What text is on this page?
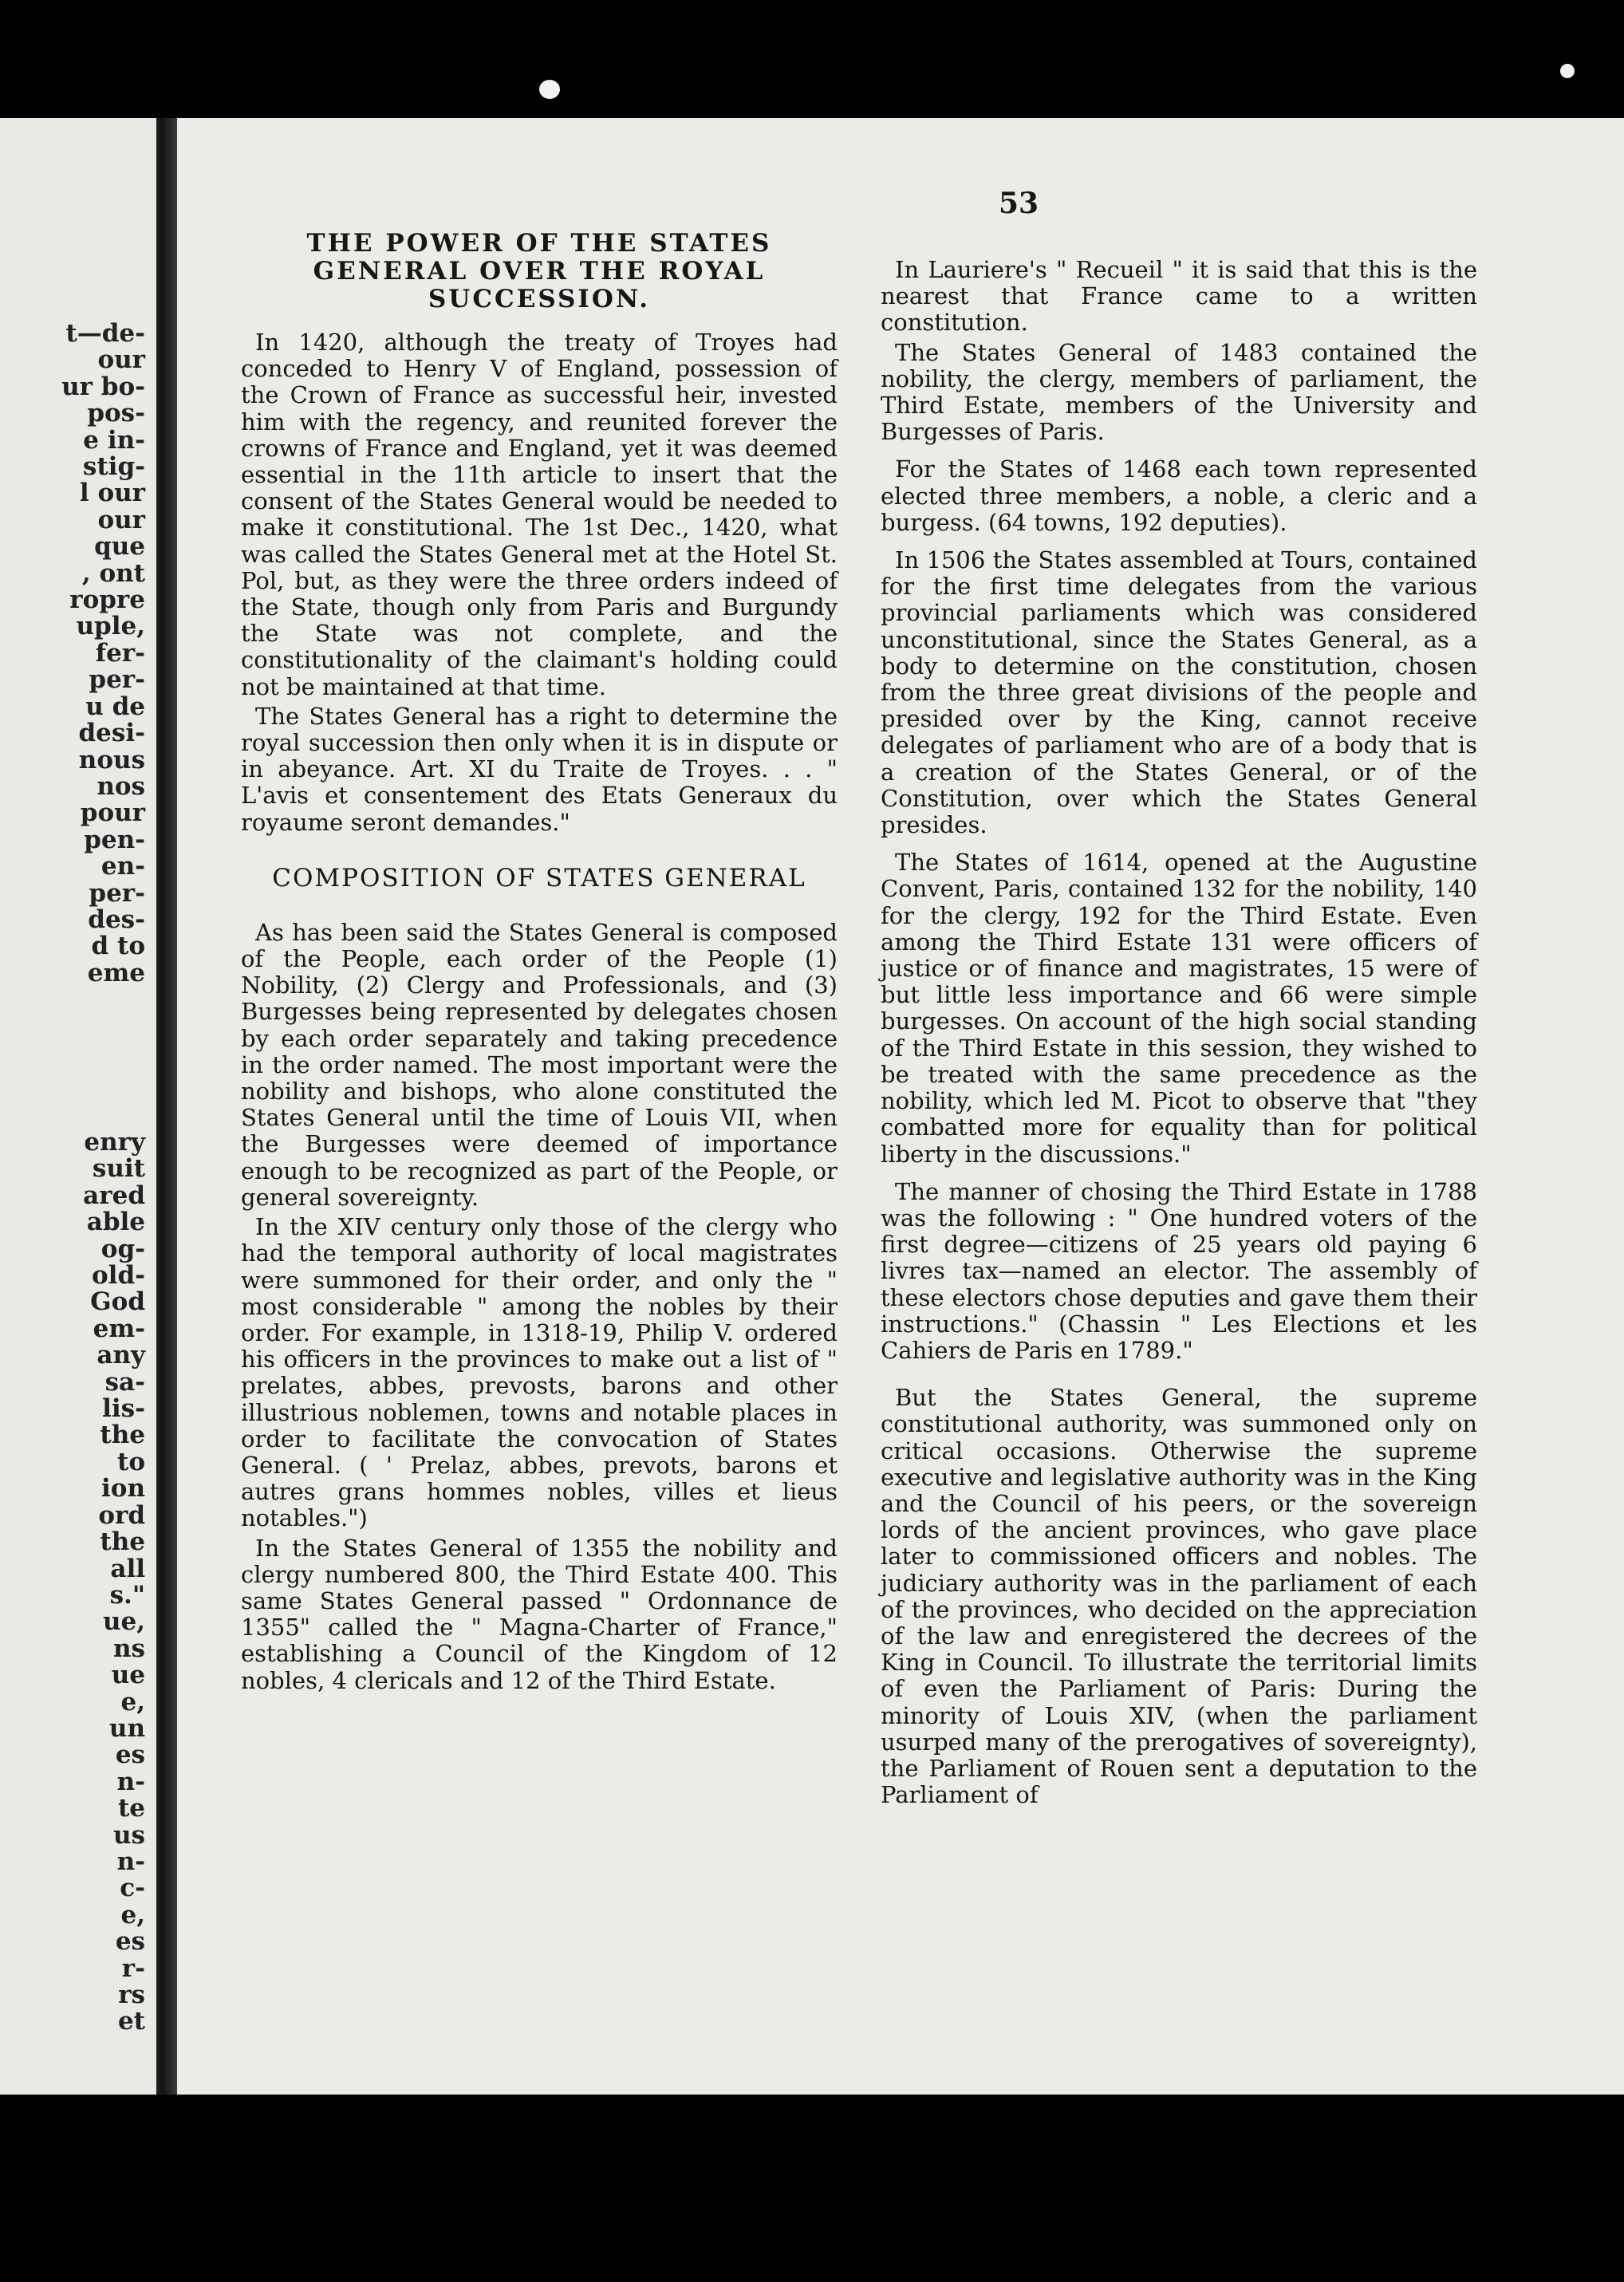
t—de-
our
ur bo-
pos-
e in-
stig-
l our
our
que
, ont
ropre
uple,
fer-
per-
u de
desi-
nous
nos
pour
pen-
en-
per-
des-
d to
eme
enry
suit
ared
able
og-
old-
God
em-
any
sa-
lis-
the
to
ion
ord
the
all
s."
ue,
ns
ue
e,
un
es
n-
te
us
n-
c-
e,
es
r-
rs
et
53
THE POWER OF THE STATES GENERAL OVER THE ROYAL SUCCESSION.

In 1420, although the treaty of Troyes had conceded to Henry V of England, possession of the Crown of France as successful heir, invested him with the regency, and reunited forever the crowns of France and England, yet it was deemed essential in the 11th article to insert that the consent of the States General would be needed to make it constitutional. The 1st Dec., 1420, what was called the States General met at the Hotel St. Pol, but, as they were the three orders indeed of the State, though only from Paris and Burgundy the State was not complete, and the constitutionality of the claimant's holding could not be maintained at that time.

The States General has a right to determine the royal succession then only when it is in dispute or in abeyance. Art. XI du Traite de Troyes. . . " L'avis et consentement des Etats Generaux du royaume seront demandes."

COMPOSITION OF STATES GENERAL

As has been said the States General is composed of the People, each order of the People (1) Nobility, (2) Clergy and Professionals, and (3) Burgesses being represented by delegates chosen by each order separately and taking precedence in the order named. The most important were the nobility and bishops, who alone constituted the States General until the time of Louis VII, when the Burgesses were deemed of importance enough to be recognized as part of the People, or general sovereignty.

In the XIV century only those of the clergy who had the temporal authority of local magistrates were summoned for their order, and only the " most considerable " among the nobles by their order. For example, in 1318-19, Philip V. ordered his officers in the provinces to make out a list of " prelates, abbes, prevosts, barons and other illustrious noblemen, towns and notable places in order to facilitate the convocation of States General. ( ' Prelaz, abbes, prevots, barons et autres grans hommes nobles, villes et lieus notables.")

In the States General of 1355 the nobility and clergy numbered 800, the Third Estate 400. This same States General passed " Ordonnance de 1355" called the " Magna-Charter of France," establishing a Council of the Kingdom of 12 nobles, 4 clericals and 12 of the Third Estate.

In Lauriere's " Recueil " it is said that this is the nearest that France came to a written constitution.

The States General of 1483 contained the nobility, the clergy, members of parliament, the Third Estate, members of the University and Burgesses of Paris.

For the States of 1468 each town represented elected three members, a noble, a cleric and a burgess. (64 towns, 192 deputies).

In 1506 the States assembled at Tours, contained for the first time delegates from the various provincial parliaments which was considered unconstitutional, since the States General, as a body to determine on the constitution, chosen from the three great divisions of the people and presided over by the King, cannot receive delegates of parliament who are of a body that is a creation of the States General, or of the Constitution, over which the States General presides.

The States of 1614, opened at the Augustine Convent, Paris, contained 132 for the nobility, 140 for the clergy, 192 for the Third Estate. Even among the Third Estate 131 were officers of justice or of finance and magistrates, 15 were of but little less importance and 66 were simple burgesses. On account of the high social standing of the Third Estate in this session, they wished to be treated with the same precedence as the nobility, which led M. Picot to observe that "they combatted more for equality than for political liberty in the discussions."

The manner of chosing the Third Estate in 1788 was the following : " One hundred voters of the first degree—citizens of 25 years old paying 6 livres tax—named an elector. The assembly of these electors chose deputies and gave them their instructions." (Chassin " Les Elections et les Cahiers de Paris en 1789."

But the States General, the supreme constitutional authority, was summoned only on critical occasions. Otherwise the supreme executive and legislative authority was in the King and the Council of his peers, or the sovereign lords of the ancient provinces, who gave place later to commissioned officers and nobles. The judiciary authority was in the parliament of each of the provinces, who decided on the appreciation of the law and enregistered the decrees of the King in Council. To illustrate the territorial limits of even the Parliament of Paris: During the minority of Louis XIV, (when the parliament usurped many of the prerogatives of sovereignty), the Parliament of Rouen sent a deputation to the Parliament of
